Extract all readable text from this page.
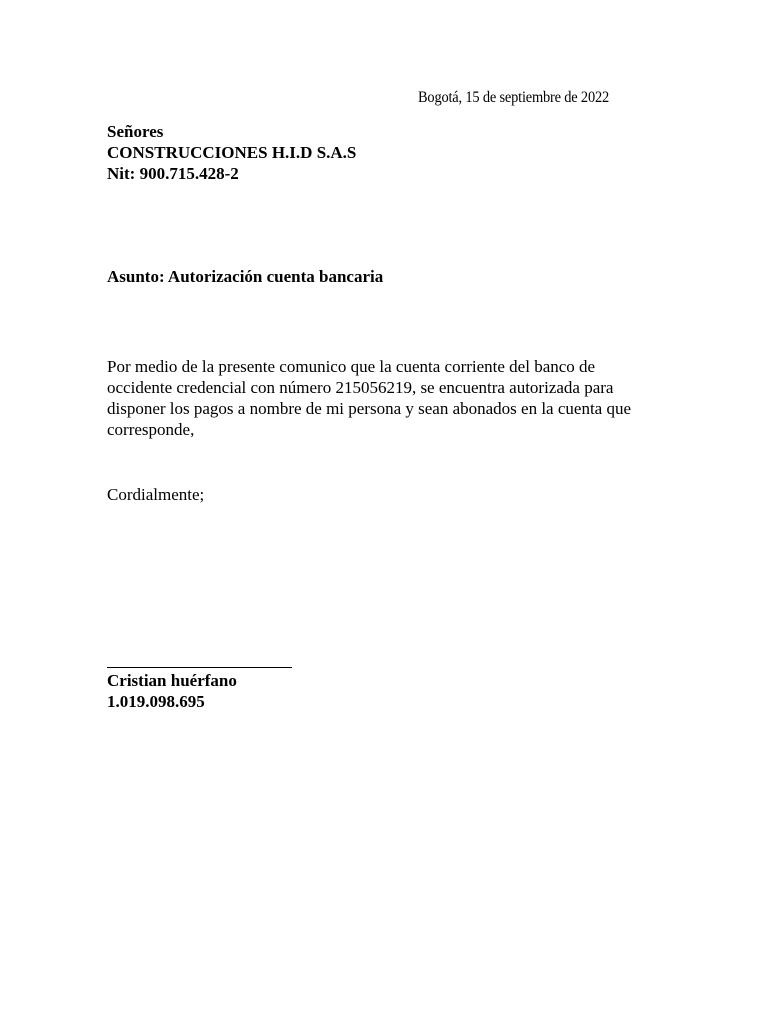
Bogotá, 15 de septiembre de 2022
Señores
CONSTRUCCIONES H.I.D S.A.S
Nit: 900.715.428-2
Asunto: Autorización cuenta bancaria
Por medio de la presente comunico que la cuenta corriente del banco de
occidente credencial con número 215056219, se encuentra autorizada para
disponer los pagos a nombre de mi persona y sean abonados en la cuenta que
corresponde,
Cordialmente;
Cristian huérfano
1.019.098.695
